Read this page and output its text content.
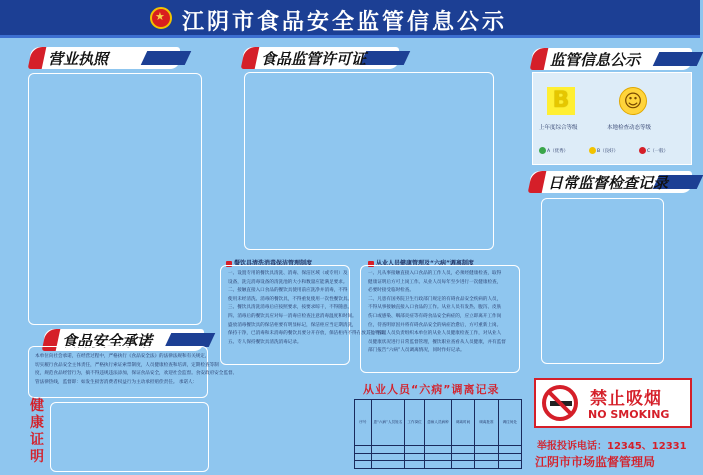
★
江阴市食品安全监管信息公示
营业执照	食品监管许可证	监管信息公示
B
上年度综合等级
☺
本地检查动态等级
A（优秀）	B（良好）	C（一般）
日常监督检查记录
食品安全承诺

本单位向社会承诺，在经营过程中，严格执行《食品安全法》的法律法规和有关规定，

切实履行食品安全主体责任，严格执行索证索票制度，人员健康检查和培训，定期检查等制

度，规范食品经营行为，搞不得违规违法添加，保证食品安全，欢迎社会监督。食安政府安全监督、

管法律热线，监督即：如发生损害消费者权益行为主动承担赔偿责任。 承诺人：

健康证明
餐饮具清洗消毒保洁管理制度

一、设置专用的餐饮具清洗、消毒、保洁区域（或专用）及

设备，洗完消毒设备的清洗池的大小和数量应能满足要求。

二、接触直接入口食品的餐饮具使用前应洗净并消毒，不得

使用未经清洗、消毒的餐饮具，不得重复使用一次性餐饮具。

三、餐饮具清洗消毒后应按照要求，按要求晾干，不得随意。

四、消毒后的餐饮具应对每一消毒应检查注意消毒温度和时间。

盛放消毒餐饮具的保洁柜要有明显标记，保洁柜应当定期清洗，

保持干净，已消毒和未消毒的餐饮具要分开存放，保洁柜内不得存放其他物品。

五、专人保持餐饮具清洗消毒记录。

从业人员健康管理及“六病”调离制度

一、凡从事接触直接入口食品的工作人员，必须经健康检查，取得

健康证明后方可上岗工作。从业人员每年至少进行一次健康检查，

必要时接受临时检查。

二、凡患有国务院卫生行政部门规定的有碍食品安全疾病的人员，

不得从事接触直接入口食品的工作。从业人员有发热、腹泻、皮肤

伤口或感染、咽部炎症等有碍食品安全病症的，应立即离开工作岗

位，待查明原因并将有碍食品安全的病症治愈后，方可重新上岗。

三、管理人员负责组织本单位的从业人员健康检查工作，对从业人

员健康状况进行日常监督管理，餐饮职业查看从人员健康，并有监督

部门报告“六病”人员调离情况，同时作好记录。

从业人员“六病”调离记录
序号	患“六病”人员姓名	工作岗位	患病人员病种	调离时间	调离批准	调往何处

禁止吸烟
NO SMOKING
举报投诉电话：12345、12331
江阴市市场监督管理局
